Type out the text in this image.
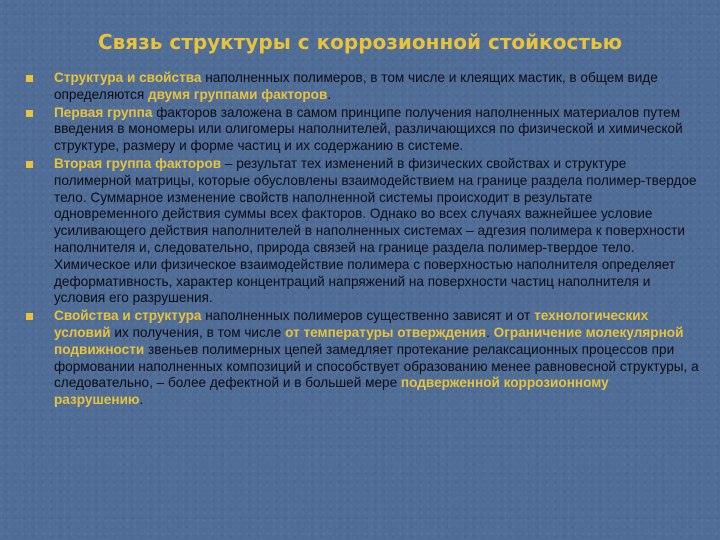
Связь структуры с коррозионной стойкостью
Структура и свойства наполненных полимеров, в том числе и клеящих мастик, в общем виде определяются двумя группами факторов.
Первая группа факторов заложена в самом принципе получения наполненных материалов путем введения в мономеры или олигомеры наполнителей, различающихся по физической и химической структуре, размеру и форме частиц и их содержанию в системе.
Вторая группа факторов – результат тех изменений в физических свойствах и структуре полимерной матрицы, которые обусловлены взаимодействием на границе раздела полимер-твердое тело. Суммарное изменение свойств наполненной системы происходит в результате одновременного действия суммы всех факторов. Однако во всех случаях важнейшее условие усиливающего действия наполнителей в наполненных системах – адгезия полимера к поверхности наполнителя и, следовательно, природа связей на границе раздела полимер-твердое тело. Химическое или физическое взаимодействие полимера с поверхностью наполнителя определяет деформативность, характер концентраций напряжений на поверхности частиц наполнителя и условия его разрушения.
Свойства и структура наполненных полимеров существенно зависят и от технологических условий их получения, в том числе от температуры отверждения. Ограничение молекулярной подвижности звеньев полимерных цепей замедляет протекание релаксационных процессов при формовании наполненных композиций и способствует образованию менее равновесной структуры, а следовательно, – более дефектной и в большей мере подверженной коррозионному разрушению.
